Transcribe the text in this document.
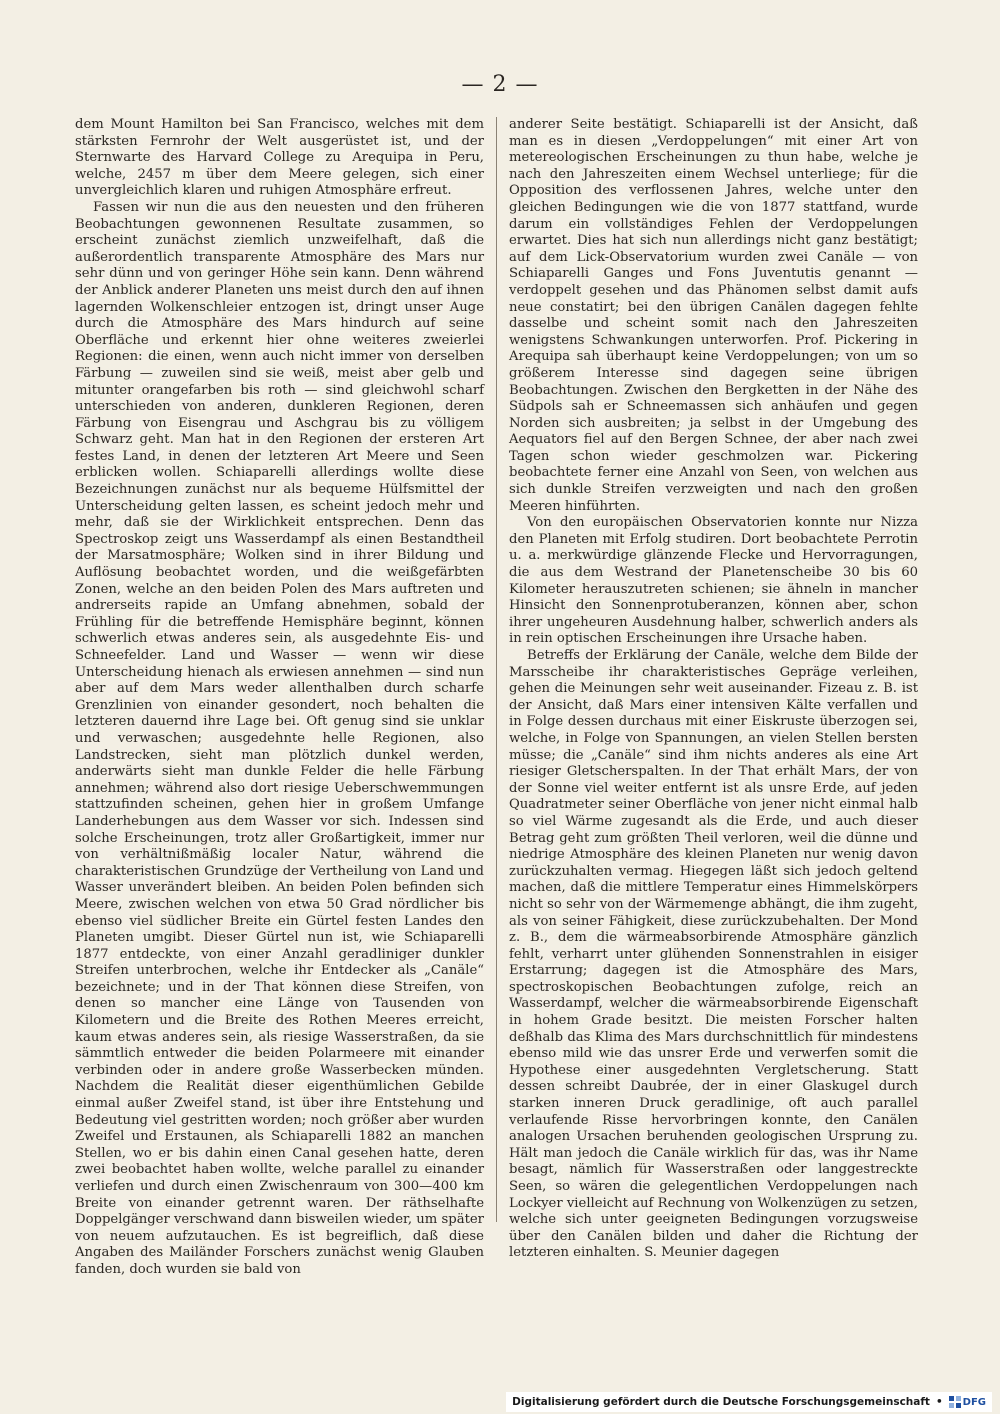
— 2 —

dem Mount Hamilton bei San Francisco, welches mit dem stärksten Fernrohr der Welt ausgerüstet ist, und der Sternwarte des Harvard College zu Arequipa in Peru, welche, 2457 m über dem Meere gelegen, sich einer unvergleichlich klaren und ruhigen Atmosphäre erfreut.

Fassen wir nun die aus den neuesten und den früheren Beobachtungen gewonnenen Resultate zusammen, so erscheint zunächst ziemlich unzweifelhaft, daß die außerordentlich transparente Atmosphäre des Mars nur sehr dünn und von geringer Höhe sein kann. Denn während der Anblick anderer Planeten uns meist durch den auf ihnen lagernden Wolkenschleier entzogen ist, dringt unser Auge durch die Atmosphäre des Mars hindurch auf seine Oberfläche und erkennt hier ohne weiteres zweierlei Regionen: die einen, wenn auch nicht immer von derselben Färbung — zuweilen sind sie weiß, meist aber gelb und mitunter orangefarben bis roth — sind gleichwohl scharf unterschieden von anderen, dunkleren Regionen, deren Färbung von Eisengrau und Aschgrau bis zu völligem Schwarz geht. Man hat in den Regionen der ersteren Art festes Land, in denen der letzteren Art Meere und Seen erblicken wollen. Schiaparelli allerdings wollte diese Bezeichnungen zunächst nur als bequeme Hülfsmittel der Unterscheidung gelten lassen, es scheint jedoch mehr und mehr, daß sie der Wirklichkeit entsprechen. Denn das Spectroskop zeigt uns Wasserdampf als einen Bestandtheil der Marsatmosphäre; Wolken sind in ihrer Bildung und Auflösung beobachtet worden, und die weißgefärbten Zonen, welche an den beiden Polen des Mars auftreten und andrerseits rapide an Umfang abnehmen, sobald der Frühling für die betreffende Hemisphäre beginnt, können schwerlich etwas anderes sein, als ausgedehnte Eis- und Schneefelder. Land und Wasser — wenn wir diese Unterscheidung hienach als erwiesen annehmen — sind nun aber auf dem Mars weder allenthalben durch scharfe Grenzlinien von einander gesondert, noch behalten die letzteren dauernd ihre Lage bei. Oft genug sind sie unklar und verwaschen; ausgedehnte helle Regionen, also Landstrecken, sieht man plötzlich dunkel werden, anderwärts sieht man dunkle Felder die helle Färbung annehmen; während also dort riesige Ueberschwemmungen stattzufinden scheinen, gehen hier in großem Umfange Landerhebungen aus dem Wasser vor sich. Indessen sind solche Erscheinungen, trotz aller Großartigkeit, immer nur von verhältnißmäßig localer Natur, während die charakteristischen Grundzüge der Vertheilung von Land und Wasser unverändert bleiben. An beiden Polen befinden sich Meere, zwischen welchen von etwa 50 Grad nördlicher bis ebenso viel südlicher Breite ein Gürtel festen Landes den Planeten umgibt. Dieser Gürtel nun ist, wie Schiaparelli 1877 entdeckte, von einer Anzahl geradliniger dunkler Streifen unterbrochen, welche ihr Entdecker als „Canäle“ bezeichnete; und in der That können diese Streifen, von denen so mancher eine Länge von Tausenden von Kilometern und die Breite des Rothen Meeres erreicht, kaum etwas anderes sein, als riesige Wasserstraßen, da sie sämmtlich entweder die beiden Polarmeere mit einander verbinden oder in andere große Wasserbecken münden. Nachdem die Realität dieser eigenthümlichen Gebilde einmal außer Zweifel stand, ist über ihre Entstehung und Bedeutung viel gestritten worden; noch größer aber wurden Zweifel und Erstaunen, als Schiaparelli 1882 an manchen Stellen, wo er bis dahin einen Canal gesehen hatte, deren zwei beobachtet haben wollte, welche parallel zu einander verliefen und durch einen Zwischenraum von 300—400 km Breite von einander getrennt waren. Der räthselhafte Doppelgänger verschwand dann bisweilen wieder, um später von neuem aufzutauchen. Es ist begreiflich, daß diese Angaben des Mailänder Forschers zunächst wenig Glauben fanden, doch wurden sie bald von

anderer Seite bestätigt. Schiaparelli ist der Ansicht, daß man es in diesen „Verdoppelungen“ mit einer Art von metereologischen Erscheinungen zu thun habe, welche je nach den Jahreszeiten einem Wechsel unterliege; für die Opposition des verflossenen Jahres, welche unter den gleichen Bedingungen wie die von 1877 stattfand, wurde darum ein vollständiges Fehlen der Verdoppelungen erwartet. Dies hat sich nun allerdings nicht ganz bestätigt; auf dem Lick-Observatorium wurden zwei Canäle — von Schiaparelli Ganges und Fons Juventutis genannt — verdoppelt gesehen und das Phänomen selbst damit aufs neue constatirt; bei den übrigen Canälen dagegen fehlte dasselbe und scheint somit nach den Jahreszeiten wenigstens Schwankungen unterworfen. Prof. Pickering in Arequipa sah überhaupt keine Verdoppelungen; von um so größerem Interesse sind dagegen seine übrigen Beobachtungen. Zwischen den Bergketten in der Nähe des Südpols sah er Schneemassen sich anhäufen und gegen Norden sich ausbreiten; ja selbst in der Umgebung des Aequators fiel auf den Bergen Schnee, der aber nach zwei Tagen schon wieder geschmolzen war. Pickering beobachtete ferner eine Anzahl von Seen, von welchen aus sich dunkle Streifen verzweigten und nach den großen Meeren hinführten.

Von den europäischen Observatorien konnte nur Nizza den Planeten mit Erfolg studiren. Dort beobachtete Perrotin u. a. merkwürdige glänzende Flecke und Hervorragungen, die aus dem Westrand der Planetenscheibe 30 bis 60 Kilometer herauszutreten schienen; sie ähneln in mancher Hinsicht den Sonnenprotuberanzen, können aber, schon ihrer ungeheuren Ausdehnung halber, schwerlich anders als in rein optischen Erscheinungen ihre Ursache haben.

Betreffs der Erklärung der Canäle, welche dem Bilde der Marsscheibe ihr charakteristisches Gepräge verleihen, gehen die Meinungen sehr weit auseinander. Fizeau z. B. ist der Ansicht, daß Mars einer intensiven Kälte verfallen und in Folge dessen durchaus mit einer Eiskruste überzogen sei, welche, in Folge von Spannungen, an vielen Stellen bersten müsse; die „Canäle“ sind ihm nichts anderes als eine Art riesiger Gletscherspalten. In der That erhält Mars, der von der Sonne viel weiter entfernt ist als unsre Erde, auf jeden Quadratmeter seiner Oberfläche von jener nicht einmal halb so viel Wärme zugesandt als die Erde, und auch dieser Betrag geht zum größten Theil verloren, weil die dünne und niedrige Atmosphäre des kleinen Planeten nur wenig davon zurückzuhalten vermag. Hiegegen läßt sich jedoch geltend machen, daß die mittlere Temperatur eines Himmelskörpers nicht so sehr von der Wärmemenge abhängt, die ihm zugeht, als von seiner Fähigkeit, diese zurückzubehalten. Der Mond z. B., dem die wärmeabsorbirende Atmosphäre gänzlich fehlt, verharrt unter glühenden Sonnenstrahlen in eisiger Erstarrung; dagegen ist die Atmosphäre des Mars, spectroskopischen Beobachtungen zufolge, reich an Wasserdampf, welcher die wärmeabsorbirende Eigenschaft in hohem Grade besitzt. Die meisten Forscher halten deßhalb das Klima des Mars durchschnittlich für mindestens ebenso mild wie das unsrer Erde und verwerfen somit die Hypothese einer ausgedehnten Vergletscherung. Statt dessen schreibt Daubrée, der in einer Glaskugel durch starken inneren Druck geradlinige, oft auch parallel verlaufende Risse hervorbringen konnte, den Canälen analogen Ursachen beruhenden geologischen Ursprung zu. Hält man jedoch die Canäle wirklich für das, was ihr Name besagt, nämlich für Wasserstraßen oder langgestreckte Seen, so wären die gelegentlichen Verdoppelungen nach Lockyer vielleicht auf Rechnung von Wolkenzügen zu setzen, welche sich unter geeigneten Bedingungen vorzugsweise über den Canälen bilden und daher die Richtung der letzteren einhalten. S. Meunier dagegen

Digitalisierung gefördert durch die Deutsche Forschungsgemeinschaft • DFG
